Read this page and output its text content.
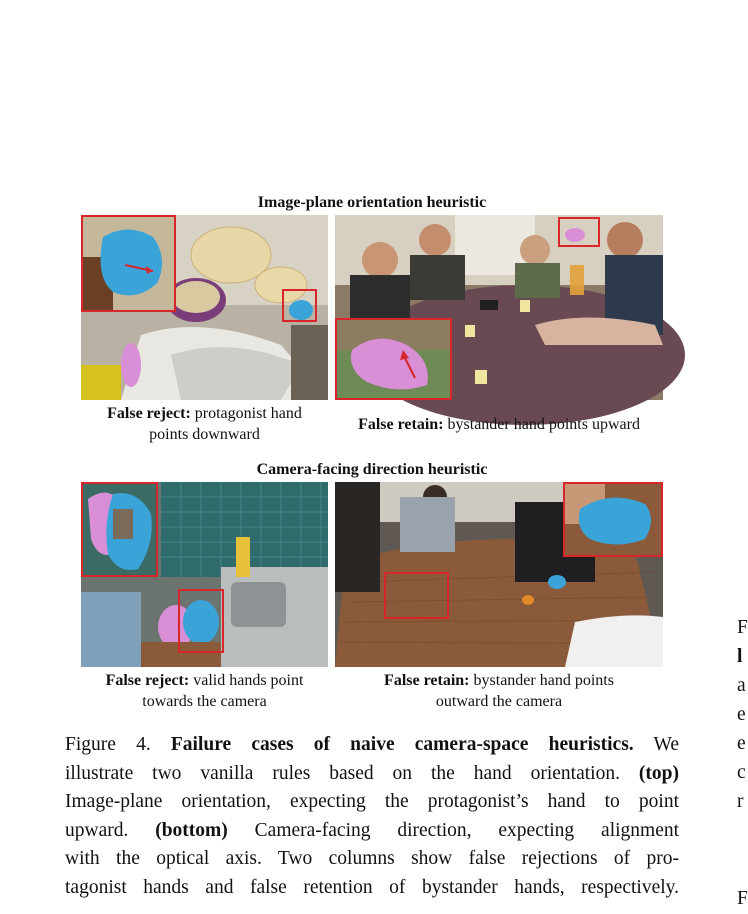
Image-plane orientation heuristic
False reject: protagonist hand
points downward
False retain: bystander hand points upward
Camera-facing direction heuristic
False reject: valid hands point
towards the camera
False retain: bystander hand points
outward the camera
Figure 4. Failure cases of naive camera-space heuristics. We
illustrate two vanilla rules based on the hand orientation. (top)
Image-plane orientation, expecting the protagonist’s hand to point
upward. (bottom) Camera-facing direction, expecting alignment
with the optical axis. Two columns show false rejections of pro-
tagonist hands and false retention of bystander hands, respectively.
F
l
a
e
e
c
r
F
